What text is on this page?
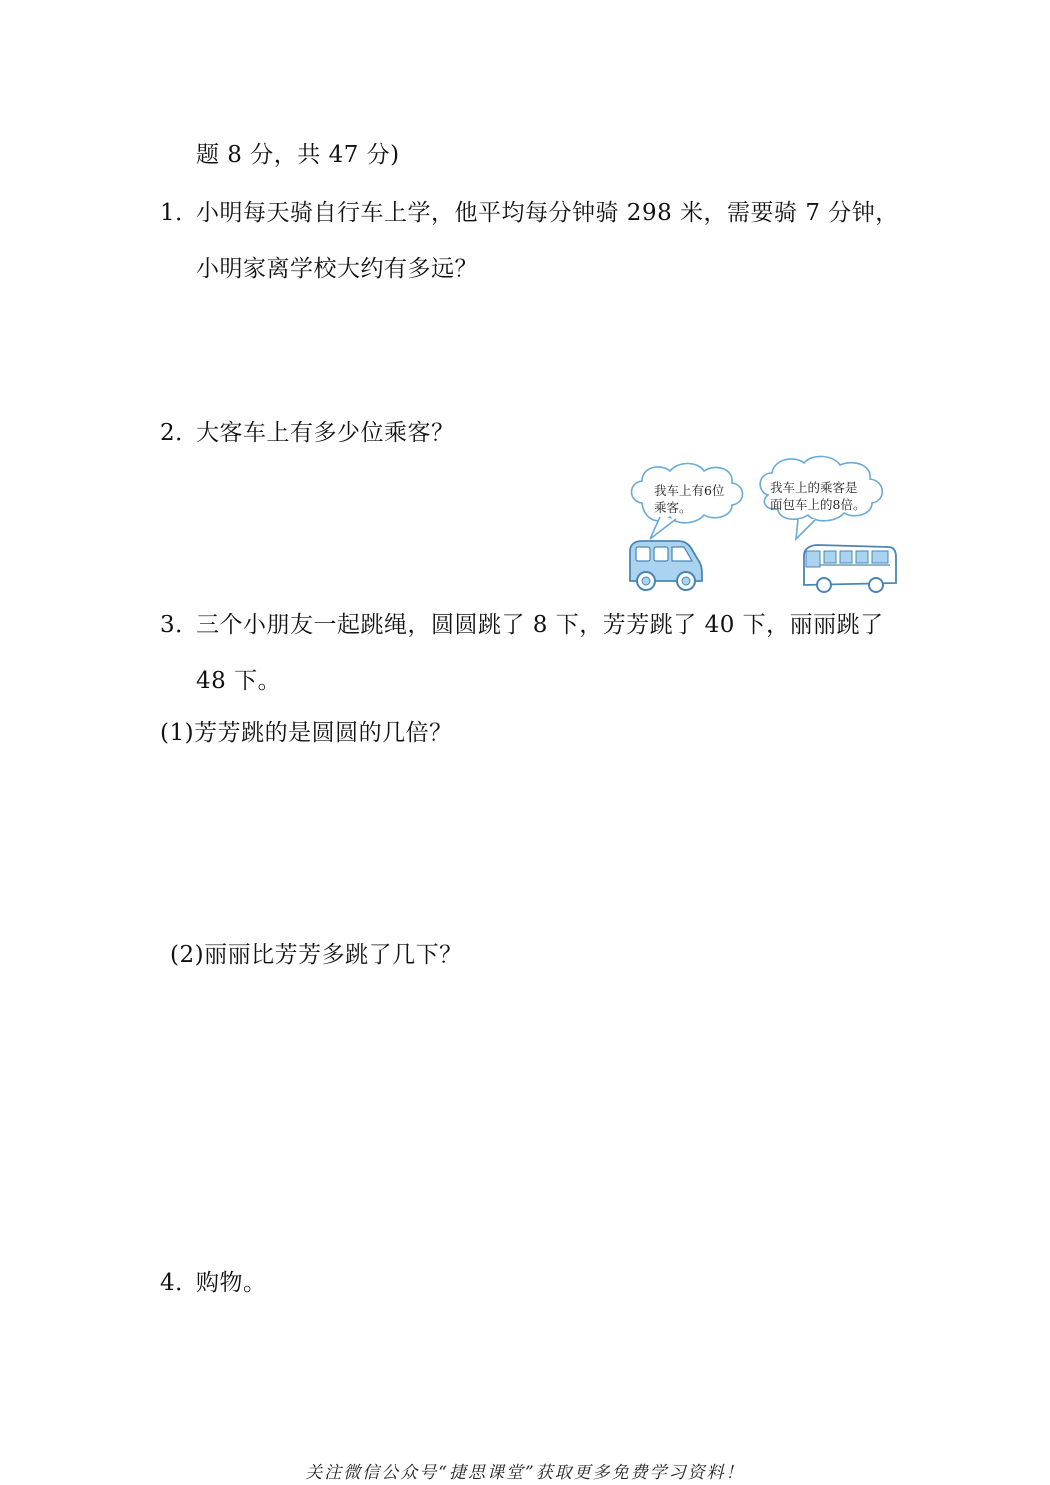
题 8 分，共 47 分)
1．小明每天骑自行车上学，他平均每分钟骑 298 米，需要骑 7 分钟，
小明家离学校大约有多远？
2．大客车上有多少位乘客？
我车上有6位
乘客。
我车上的乘客是
面包车上的8倍。
3．三个小朋友一起跳绳，圆圆跳了 8 下，芳芳跳了 40 下，丽丽跳了
48 下。
(1)芳芳跳的是圆圆的几倍？
(2)丽丽比芳芳多跳了几下？
4．购物。
关注微信公众号“捷思课堂”获取更多免费学习资料！
